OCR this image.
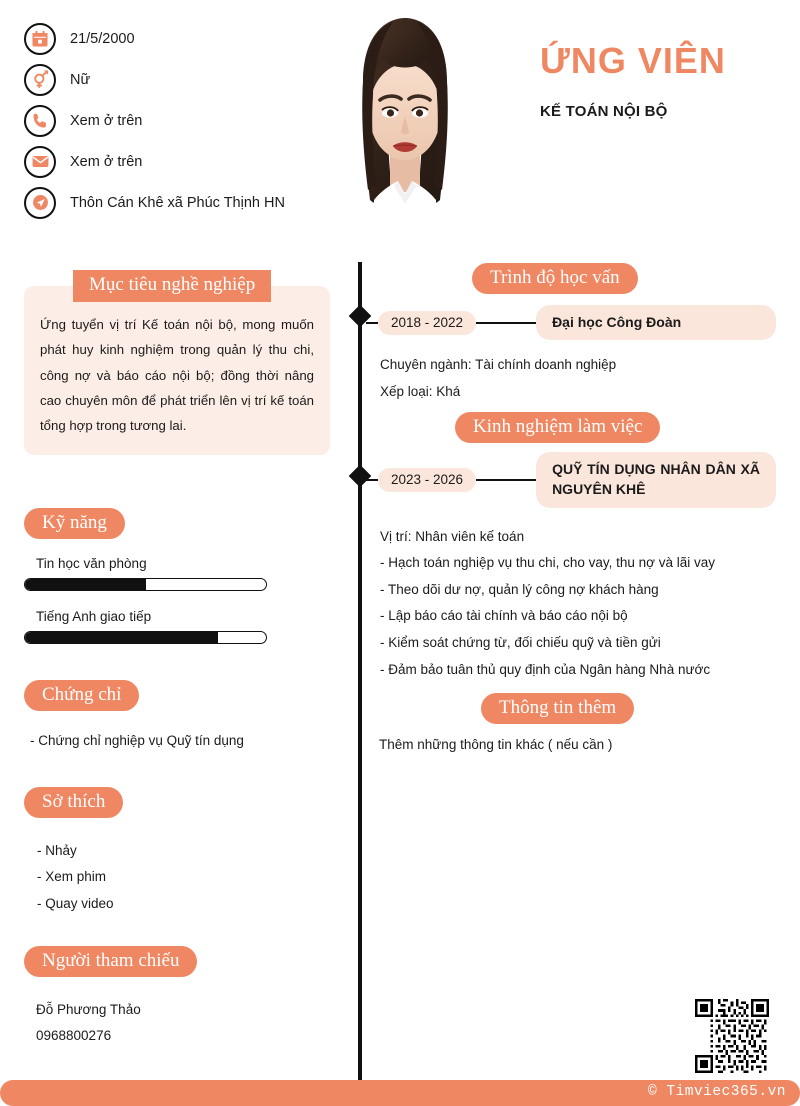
21/5/2000
Nữ
Xem ở trên
Xem ở trên
Thôn Cán Khê xã Phúc Thịnh HN
ỨNG VIÊN
KẾ TOÁN NỘI BỘ
Ứng tuyển vị trí Kế toán nội bộ, mong muốn phát huy kinh nghiệm trong quản lý thu chi, công nợ và báo cáo nội bộ; đồng thời nâng cao chuyên môn để phát triển lên vị trí kế toán tổng hợp trong tương lai.
Mục tiêu nghề nghiệp
Kỹ năng
Tin học văn phòng
Tiếng Anh giao tiếp
Chứng chỉ
- Chứng chỉ nghiệp vụ Quỹ tín dụng
Sở thích
- Nhảy
- Xem phim
- Quay video
Người tham chiếu
Đỗ Phương Thảo
0968800276
Trình độ học vấn
2018 - 2022	Đại học Công Đoàn
Chuyên ngành: Tài chính doanh nghiệp
Xếp loại: Khá
Kinh nghiệm làm việc
2023 - 2026
QUỸ TÍN DỤNG NHÂN DÂN XÃ NGUYÊN KHÊ
Vị trí: Nhân viên kế toán
- Hạch toán nghiệp vụ thu chi, cho vay, thu nợ và lãi vay
- Theo dõi dư nợ, quản lý công nợ khách hàng
- Lập báo cáo tài chính và báo cáo nội bộ
- Kiểm soát chứng từ, đối chiếu quỹ và tiền gửi
- Đảm bảo tuân thủ quy định của Ngân hàng Nhà nước
Thông tin thêm
Thêm những thông tin khác ( nếu cần )
© Timviec365.vn
